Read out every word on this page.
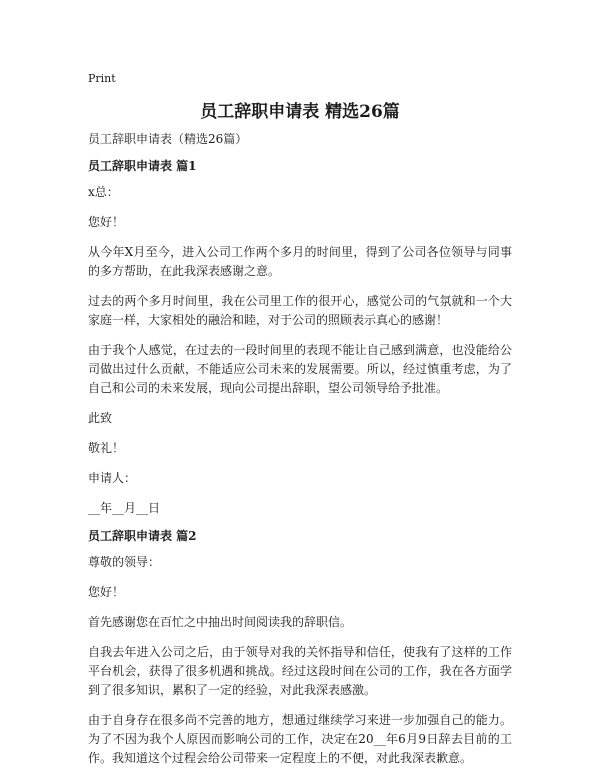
Print
员工辞职申请表 精选26篇
员工辞职申请表（精选26篇）
员工辞职申请表 篇1
x总：
您好！
从今年X月至今，进入公司工作两个多月的时间里，得到了公司各位领导与同事的多方帮助，在此我深表感谢之意。
过去的两个多月时间里，我在公司里工作的很开心，感觉公司的气氛就和一个大家庭一样，大家相处的融洽和睦，对于公司的照顾表示真心的感谢！
由于我个人感觉，在过去的一段时间里的表现不能让自己感到满意，也没能给公司做出过什么贡献，不能适应公司未来的发展需要。所以，经过慎重考虑，为了自己和公司的未来发展，现向公司提出辞职，望公司领导给予批准。
此致
敬礼！
申请人：
__年__月__日
员工辞职申请表 篇2
尊敬的领导：
您好！
首先感谢您在百忙之中抽出时间阅读我的辞职信。
自我去年进入公司之后，由于领导对我的关怀指导和信任，使我有了这样的工作平台机会，获得了很多机遇和挑战。经过这段时间在公司的工作，我在各方面学到了很多知识，累积了一定的经验，对此我深表感激。
由于自身存在很多尚不完善的地方，想通过继续学习来进一步加强自己的能力。为了不因为我个人原因而影响公司的工作，决定在20__年6月9日辞去目前的工作。我知道这个过程会给公司带来一定程度上的不便，对此我深表歉意。
